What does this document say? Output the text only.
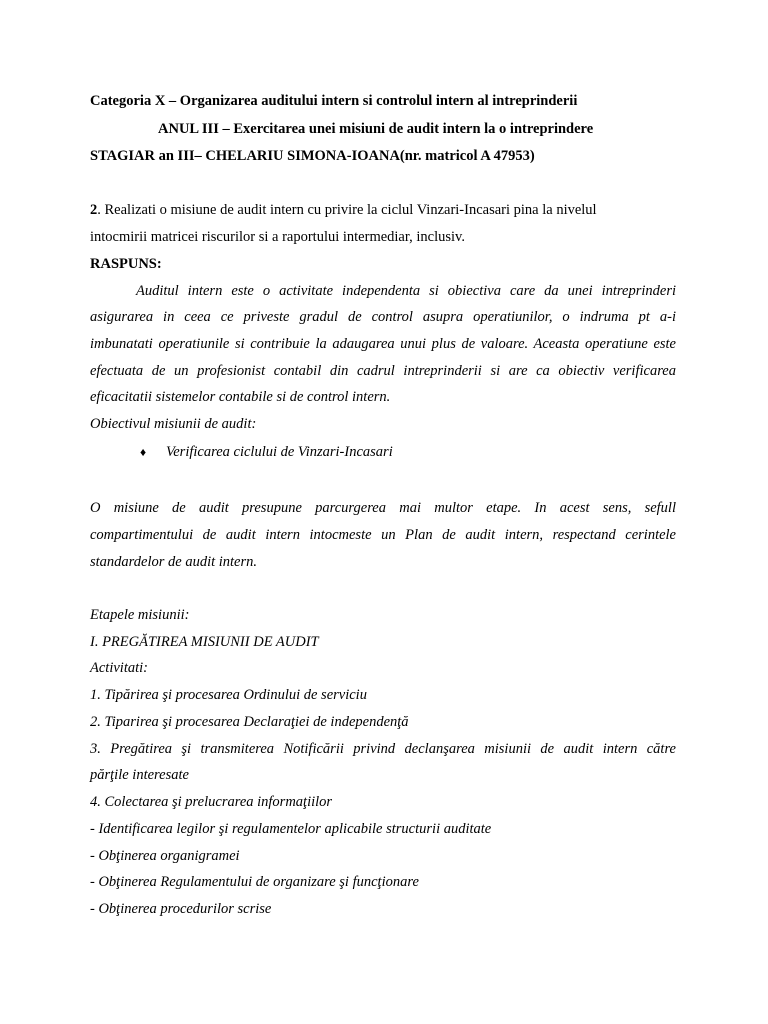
Categoria X – Organizarea auditului intern si controlul intern al intreprinderii
ANUL III – Exercitarea unei misiuni de audit intern la o intreprindere
STAGIAR an III– CHELARIU SIMONA-IOANA(nr. matricol A 47953)
2. Realizati o misiune de audit intern cu privire la ciclul Vinzari-Incasari pina la nivelul
intocmirii matricei riscurilor si a raportului intermediar, inclusiv.
RASPUNS:
Auditul intern este o activitate independenta si obiectiva care da unei intreprinderi
asigurarea in ceea ce priveste gradul de control asupra operatiunilor, o indruma pt a-i
imbunatati operatiunile si contribuie la adaugarea unui plus de valoare. Aceasta operatiune este
efectuata de un profesionist contabil din cadrul intreprinderii si are ca obiectiv verificarea
eficacitatii sistemelor contabile si de control intern.
Obiectivul misiunii de audit:
♦ Verificarea ciclului de Vinzari-Incasari
O misiune de audit presupune parcurgerea mai multor etape. In acest sens, sefull
compartimentului de audit intern intocmeste un Plan de audit intern, respectand cerintele
standardelor de audit intern.
Etapele misiunii:
I. PREGĂTIREA MISIUNII DE AUDIT
Activitati:
1. Tipărirea şi procesarea Ordinului de serviciu
2. Tiparirea şi procesarea Declaraţiei de independenţă
3. Pregătirea şi transmiterea Notificării privind declanşarea misiunii de audit intern către
părţile interesate
4. Colectarea şi prelucrarea informaţiilor
- Identificarea legilor şi regulamentelor aplicabile structurii auditate
- Obţinerea organigramei
- Obţinerea Regulamentului de organizare şi funcţionare
- Obţinerea procedurilor scrise
